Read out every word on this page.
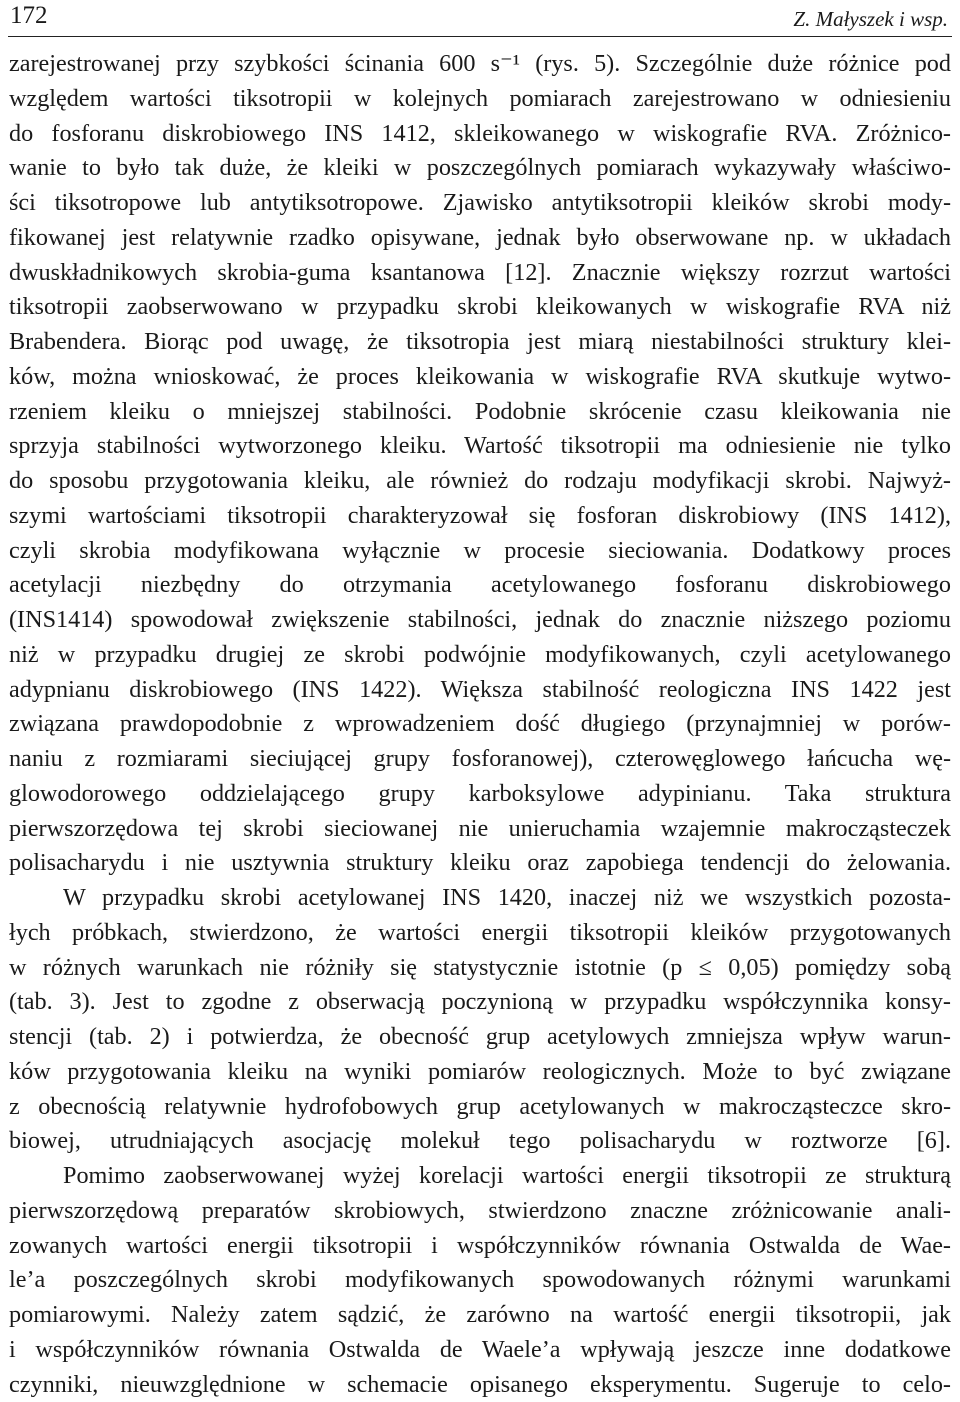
172	Z. Małyszek i wsp.
zarejestrowanej przy szybkości ścinania 600 s⁻¹ (rys. 5). Szczególnie duże różnice pod
względem wartości tiksotropii w kolejnych pomiarach zarejestrowano w odniesieniu
do fosforanu diskrobiowego INS 1412, skleikowanego w wiskografie RVA. Zróżnico-
wanie to było tak duże, że kleiki w poszczególnych pomiarach wykazywały właściwo-
ści tiksotropowe lub antytiksotropowe. Zjawisko antytiksotropii kleików skrobi mody-
fikowanej jest relatywnie rzadko opisywane, jednak było obserwowane np. w układach
dwuskładnikowych skrobia-guma ksantanowa [12]. Znacznie większy rozrzut wartości
tiksotropii zaobserwowano w przypadku skrobi kleikowanych w wiskografie RVA niż
Brabendera. Biorąc pod uwagę, że tiksotropia jest miarą niestabilności struktury klei-
ków, można wnioskować, że proces kleikowania w wiskografie RVA skutkuje wytwo-
rzeniem kleiku o mniejszej stabilności. Podobnie skrócenie czasu kleikowania nie
sprzyja stabilności wytworzonego kleiku. Wartość tiksotropii ma odniesienie nie tylko
do sposobu przygotowania kleiku, ale również do rodzaju modyfikacji skrobi. Najwyż-
szymi wartościami tiksotropii charakteryzował się fosforan diskrobiowy (INS 1412),
czyli skrobia modyfikowana wyłącznie w procesie sieciowania. Dodatkowy proces
acetylacji niezbędny do otrzymania acetylowanego fosforanu diskrobiowego
(INS1414) spowodował zwiększenie stabilności, jednak do znacznie niższego poziomu
niż w przypadku drugiej ze skrobi podwójnie modyfikowanych, czyli acetylowanego
adypnianu diskrobiowego (INS 1422). Większa stabilność reologiczna INS 1422 jest
związana prawdopodobnie z wprowadzeniem dość długiego (przynajmniej w porów-
naniu z rozmiarami sieciującej grupy fosforanowej), czterowęglowego łańcucha wę-
glowodorowego oddzielającego grupy karboksylowe adypinianu. Taka struktura
pierwszorzędowa tej skrobi sieciowanej nie unieruchamia wzajemnie makrocząsteczek
polisacharydu i nie usztywnia struktury kleiku oraz zapobiega tendencji do żelowania.
W przypadku skrobi acetylowanej INS 1420, inaczej niż we wszystkich pozosta-
łych próbkach, stwierdzono, że wartości energii tiksotropii kleików przygotowanych
w różnych warunkach nie różniły się statystycznie istotnie (p ≤ 0,05) pomiędzy sobą
(tab. 3). Jest to zgodne z obserwacją poczynioną w przypadku współczynnika konsy-
stencji (tab. 2) i potwierdza, że obecność grup acetylowych zmniejsza wpływ warun-
ków przygotowania kleiku na wyniki pomiarów reologicznych. Może to być związane
z obecnością relatywnie hydrofobowych grup acetylowanych w makrocząsteczce skro-
biowej, utrudniających asocjację molekuł tego polisacharydu w roztworze [6].
Pomimo zaobserwowanej wyżej korelacji wartości energii tiksotropii ze strukturą
pierwszorzędową preparatów skrobiowych, stwierdzono znaczne zróżnicowanie anali-
zowanych wartości energii tiksotropii i współczynników równania Ostwalda de Wae-
le’a poszczególnych skrobi modyfikowanych spowodowanych różnymi warunkami
pomiarowymi. Należy zatem sądzić, że zarówno na wartość energii tiksotropii, jak
i współczynników równania Ostwalda de Waele’a wpływają jeszcze inne dodatkowe
czynniki, nieuwzględnione w schemacie opisanego eksperymentu. Sugeruje to celo-
